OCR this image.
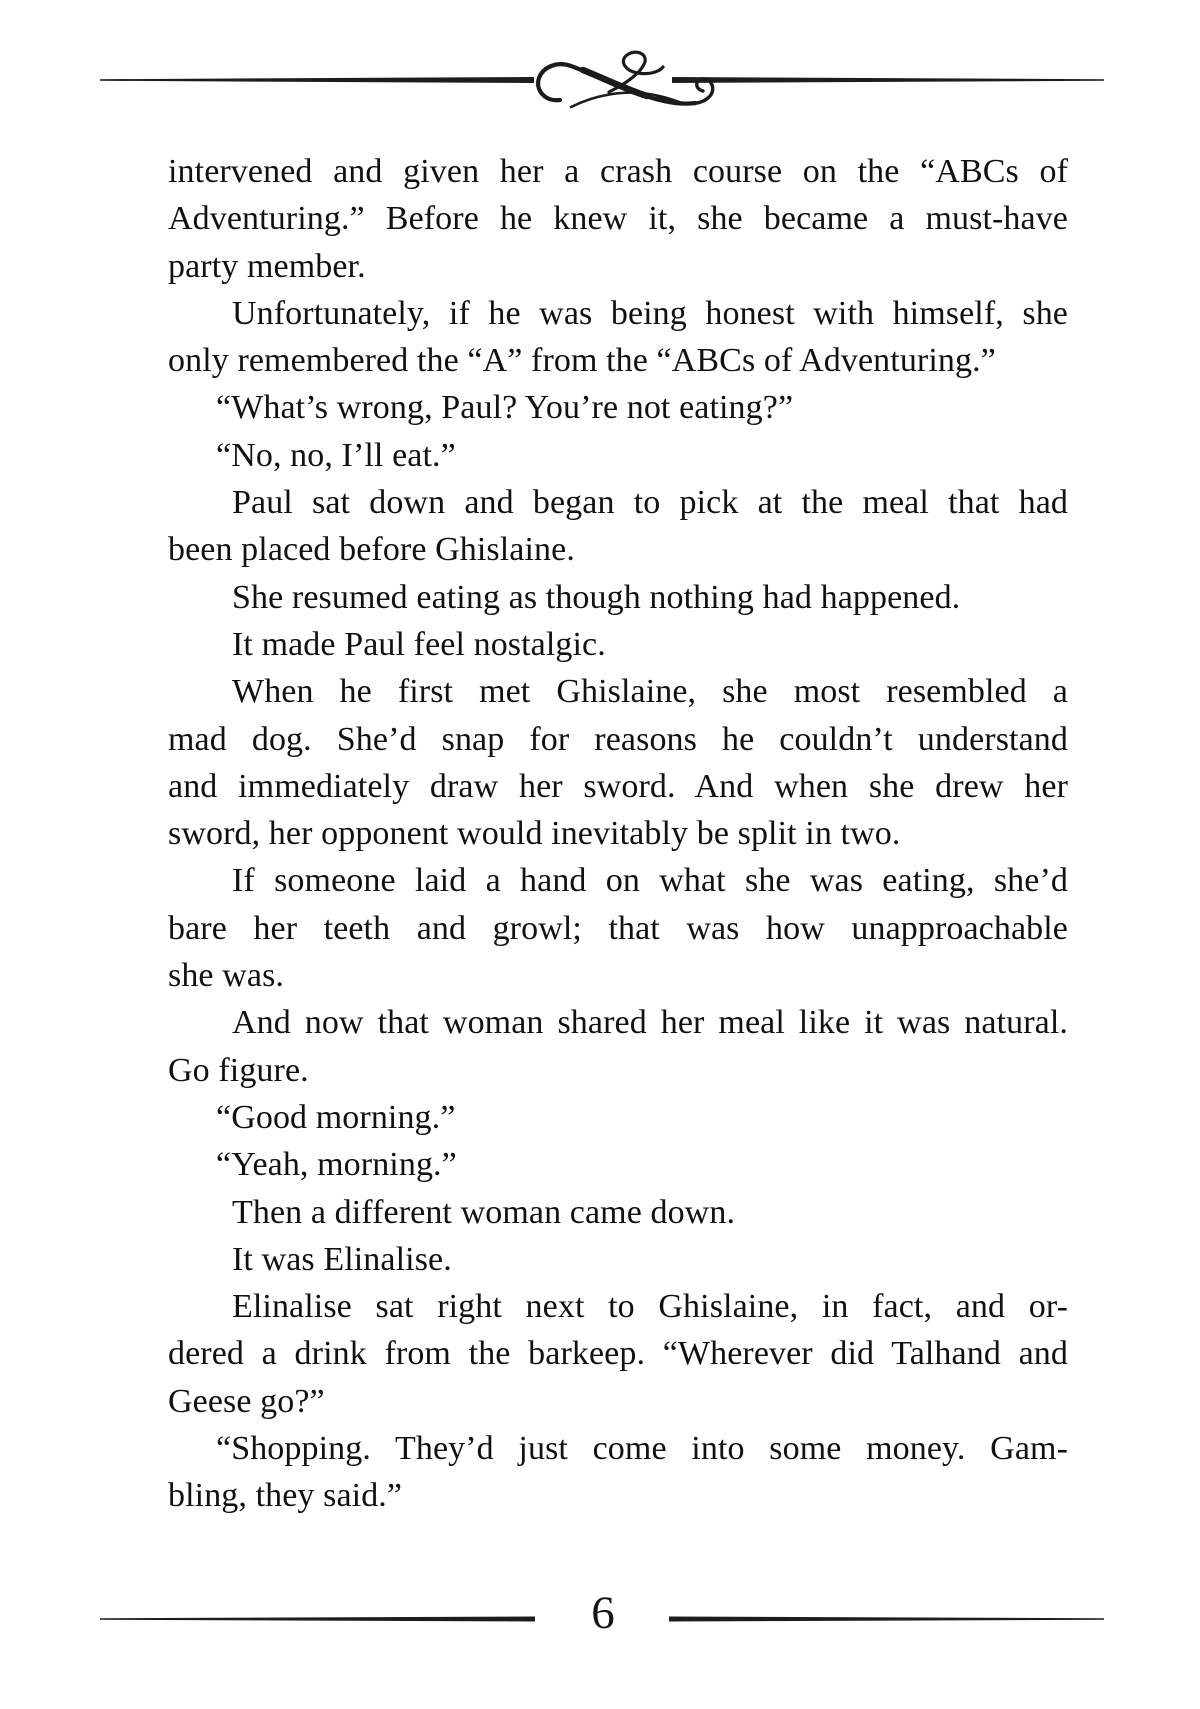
intervened and given her a crash course on the “ABCs of
Adventuring.” Before he knew it, she became a must-have
party member.
Unfortunately, if he was being honest with himself, she
only remembered the “A” from the “ABCs of Adventuring.”
“What’s wrong, Paul? You’re not eating?”
“No, no, I’ll eat.”
Paul sat down and began to pick at the meal that had
been placed before Ghislaine.
She resumed eating as though nothing had happened.
It made Paul feel nostalgic.
When he first met Ghislaine, she most resembled a
mad dog. She’d snap for reasons he couldn’t understand
and immediately draw her sword. And when she drew her
sword, her opponent would inevitably be split in two.
If someone laid a hand on what she was eating, she’d
bare her teeth and growl; that was how unapproachable
she was.
And now that woman shared her meal like it was natural.
Go figure.
“Good morning.”
“Yeah, morning.”
Then a different woman came down.
It was Elinalise.
Elinalise sat right next to Ghislaine, in fact, and or-
dered a drink from the barkeep. “Wherever did Talhand and
Geese go?”
“Shopping. They’d just come into some money. Gam-
bling, they said.”
6
